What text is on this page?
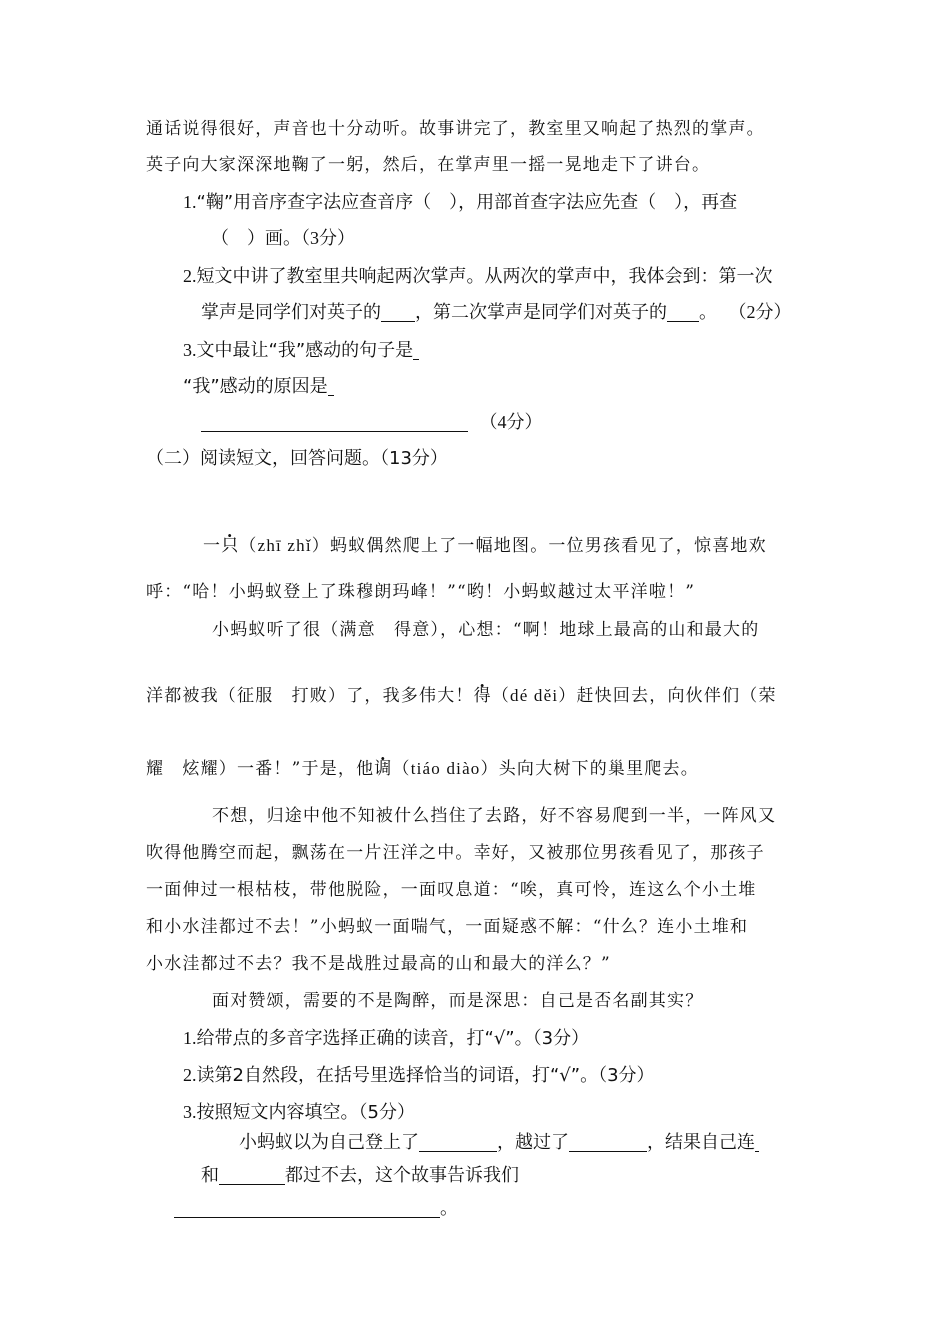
通话说得很好，声音也十分动听。故事讲完了，教室里又响起了热烈的掌声。
英子向大家深深地鞠了一躬，然后，在掌声里一摇一晃地走下了讲台。
1.“鞠”用音序查字法应查音序（　），用部首查字法应先查（　），再查
（　）画。（3分）
2.短文中讲了教室里共响起两次掌声。从两次的掌声中，我体会到：第一次
掌声是同学们对英子的 ，第二次掌声是同学们对英子的 。 （2分）
3.文中最让“我”感动的句子是
“我”感动的原因是
（4分）
（二）阅读短文，回答问题。（13分）
一只（zhī zhǐ）蚂蚁偶然爬上了一幅地图。一位男孩看见了，惊喜地欢
呼：“哈！小蚂蚁登上了珠穆朗玛峰！”“哟！小蚂蚁越过太平洋啦！”
小蚂蚁听了很（满意　得意），心想：“啊！地球上最高的山和最大的
洋都被我（征服　打败）了，我多伟大！得（dé děi）赶快回去，向伙伴们（荣
耀　炫耀）一番！”于是，他调（tiáo diào）头向大树下的巢里爬去。
不想，归途中他不知被什么挡住了去路，好不容易爬到一半，一阵风又
吹得他腾空而起，飘荡在一片汪洋之中。幸好，又被那位男孩看见了，那孩子
一面伸过一根枯枝，带他脱险，一面叹息道：“唉，真可怜，连这么个小土堆
和小水洼都过不去！”小蚂蚁一面喘气，一面疑惑不解：“什么？连小土堆和
小水洼都过不去？我不是战胜过最高的山和最大的洋么？”
面对赞颂，需要的不是陶醉，而是深思：自己是否名副其实？
1.给带点的多音字选择正确的读音，打“√”。（3分）
2.读第2自然段，在括号里选择恰当的词语，打“√”。（3分）
3.按照短文内容填空。（5分）
小蚂蚁以为自己登上了	，越过了	，结果自己连
和	都过不去，这个故事告诉我们
。
